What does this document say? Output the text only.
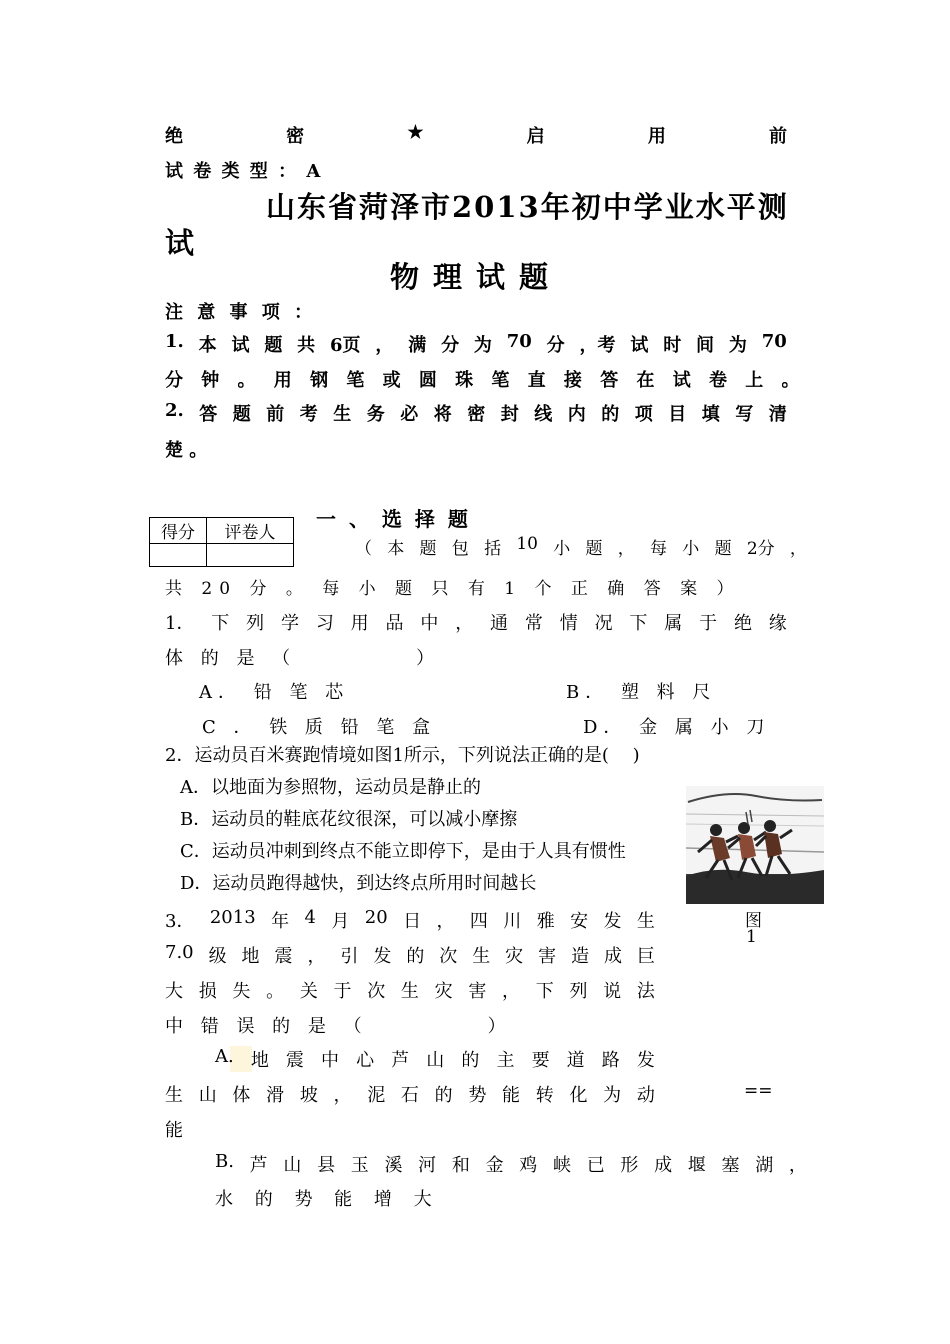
绝	密	★	启	用	前
试 卷 类 型 ： A
山东省菏泽市2013年初中学业水平测
试
物理试题
注 意 事 项 ：
1. 本 试 题 共 6页 ， 满 分 为 70 分 ，考 试 时 间 为 70
分 钟 。 用 钢 笔 或 圆 珠 笔 直 接 答 在 试 卷 上 。
2. 答 题 前 考 生 务 必 将 密 封 线 内 的 项 目 填 写 清
楚 。
得分	评卷人

一 、 选 择 题
（ 本 题 包 括 10 小 题 ， 每 小 题 2分 ，
共 20 分 。 每 小 题 只 有 1 个 正 确 答 案 ）
1． 下 列 学 习 用 品 中 ， 通 常 情 况 下 属 于 绝 缘
体 的 是 （　　　　　）
A． 铅 笔 芯	B． 塑 料 尺
C ． 铁 质 铅 笔 盒	D． 金 属 小 刀
2．运动员百米赛跑情境如图1所示，下列说法正确的是(　 )
A．以地面为参照物，运动员是静止的
B．运动员的鞋底花纹很深，可以减小摩擦
C．运动员冲刺到终点不能立即停下，是由于人具有惯性
D．运动员跑得越快，到达终点所用时间越长
图
1
3． 2013 年 4 月 20 日 ， 四 川 雅 安 发 生
7.0 级 地 震 ， 引 发 的 次 生 灾 害 造 成 巨
大 损 失 。 关 于 次 生 灾 害 ， 下 列 说 法
中 错 误 的 是 （　　　　　）
A. 地 震 中 心 芦 山 的 主 要 道 路 发
生 山 体 滑 坡 ， 泥 石 的 势 能 转 化 为 动
能
==
B. 芦 山 县 玉 溪 河 和 金 鸡 峡 已 形 成 堰 塞 湖 ，
水 的 势 能 增 大
